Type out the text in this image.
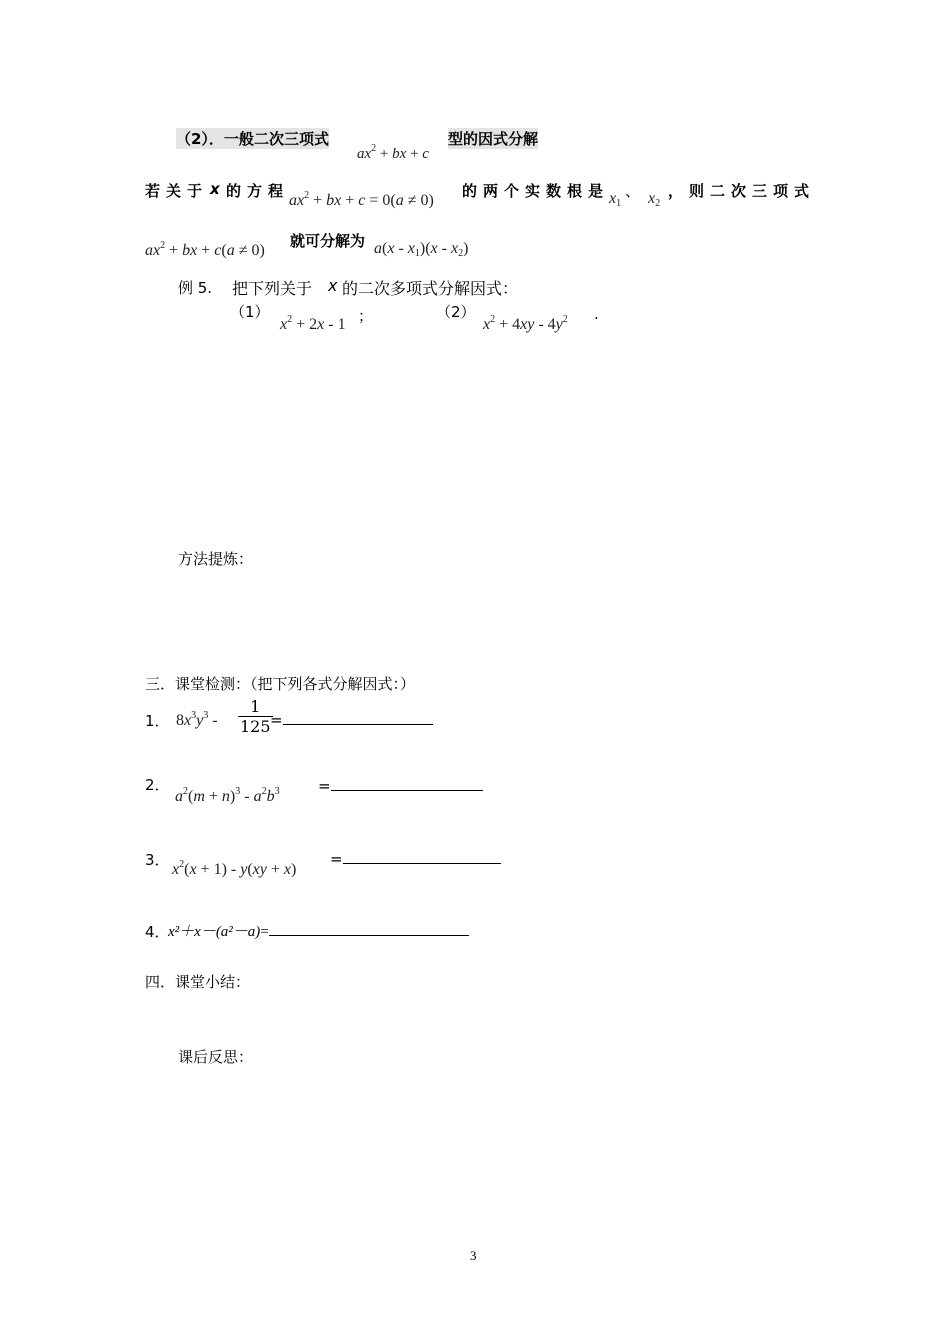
（2）．一般二次三项式
$ax^2$ + bx + c
型的因式分解
若关于 x 的方程
$ax^2$ + bx + c = 0(a ≠ 0)
的两个实数根是 $x_1$
、 $x_2$
，则二次三项式
$ax^2$ + bx + c(a ≠ 0)
就可分解为 $a(x - x_1)(x - x_2)$
例 5. 把下列关于 x 的二次多项式分解因式：
（1）
$x^2 + 2x - 1$ ；	（2）
$x^2 + 4xy - 4y^2$ .
方法提炼：
三．课堂检测：（把下列各式分解因式：）
1． $8x^3y^3 - \frac{1}{125}$
=
2．
$a^2(m + n)^3 - a^2b^3$	=
3．
$x^2(x + 1) - y(xy + x)$
=
4．
x²＋x－(a²－a)=
四．课堂小结：
课后反思：
3
